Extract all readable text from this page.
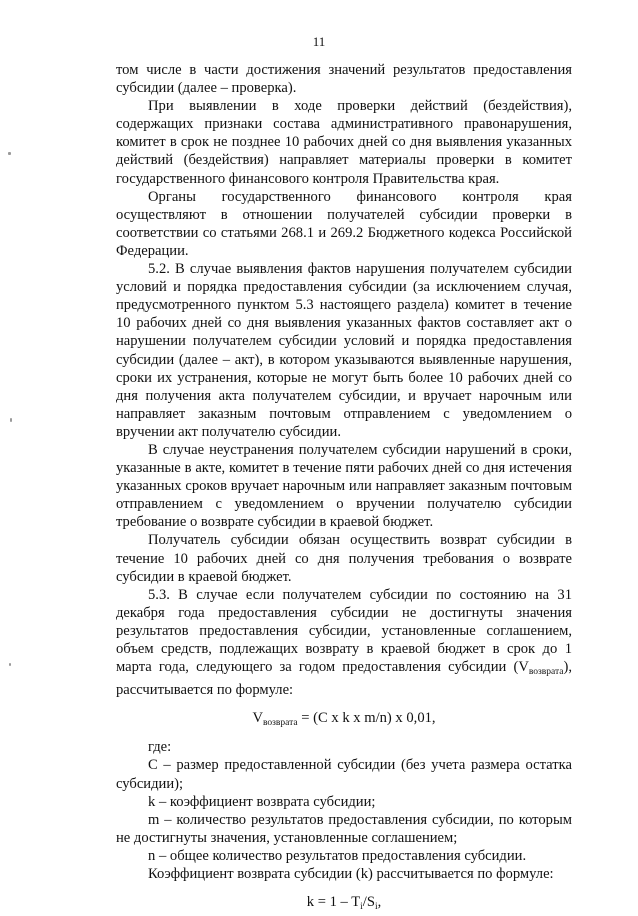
11

том числе в части достижения значений результатов предоставления субсидии (далее – проверка).

При выявлении в ходе проверки действий (бездействия), содержащих признаки состава административного правонарушения, комитет в срок не позднее 10 рабочих дней со дня выявления указанных действий (бездействия) направляет материалы проверки в комитет государственного финансового контроля Правительства края.

Органы государственного финансового контроля края осуществляют в отношении получателей субсидии проверки в соответствии со статьями 268.1 и 269.2 Бюджетного кодекса Российской Федерации.

5.2. В случае выявления фактов нарушения получателем субсидии условий и порядка предоставления субсидии (за исключением случая, предусмотренного пунктом 5.3 настоящего раздела) комитет в течение 10 рабочих дней со дня выявления указанных фактов составляет акт о нарушении получателем субсидии условий и порядка предоставления субсидии (далее – акт), в котором указываются выявленные нарушения, сроки их устранения, которые не могут быть более 10 рабочих дней со дня получения акта получателем субсидии, и вручает нарочным или направляет заказным почтовым отправлением с уведомлением о вручении акт получателю субсидии.

В случае неустранения получателем субсидии нарушений в сроки, указанные в акте, комитет в течение пяти рабочих дней со дня истечения указанных сроков вручает нарочным или направляет заказным почтовым отправлением с уведомлением о вручении получателю субсидии требование о возврате субсидии в краевой бюджет.

Получатель субсидии обязан осуществить возврат субсидии в течение 10 рабочих дней со дня получения требования о возврате субсидии в краевой бюджет.

5.3. В случае если получателем субсидии по состоянию на 31 декабря года предоставления субсидии не достигнуты значения результатов предоставления субсидии, установленные соглашением, объем средств, подлежащих возврату в краевой бюджет в срок до 1 марта года, следующего за годом предоставления субсидии $(V_{возврата})$, рассчитывается по формуле:

$V_{возврата} = (C$ x k x m/n) x 0,01,

где:

С – размер предоставленной субсидии (без учета размера остатка субсидии);

k – коэффициент возврата субсидии;

m – количество результатов предоставления субсидии, по которым не достигнуты значения, установленные соглашением;

n – общее количество результатов предоставления субсидии.

Коэффициент возврата субсидии (k) рассчитывается по формуле:

$k = 1 - T_i/S_i$,
